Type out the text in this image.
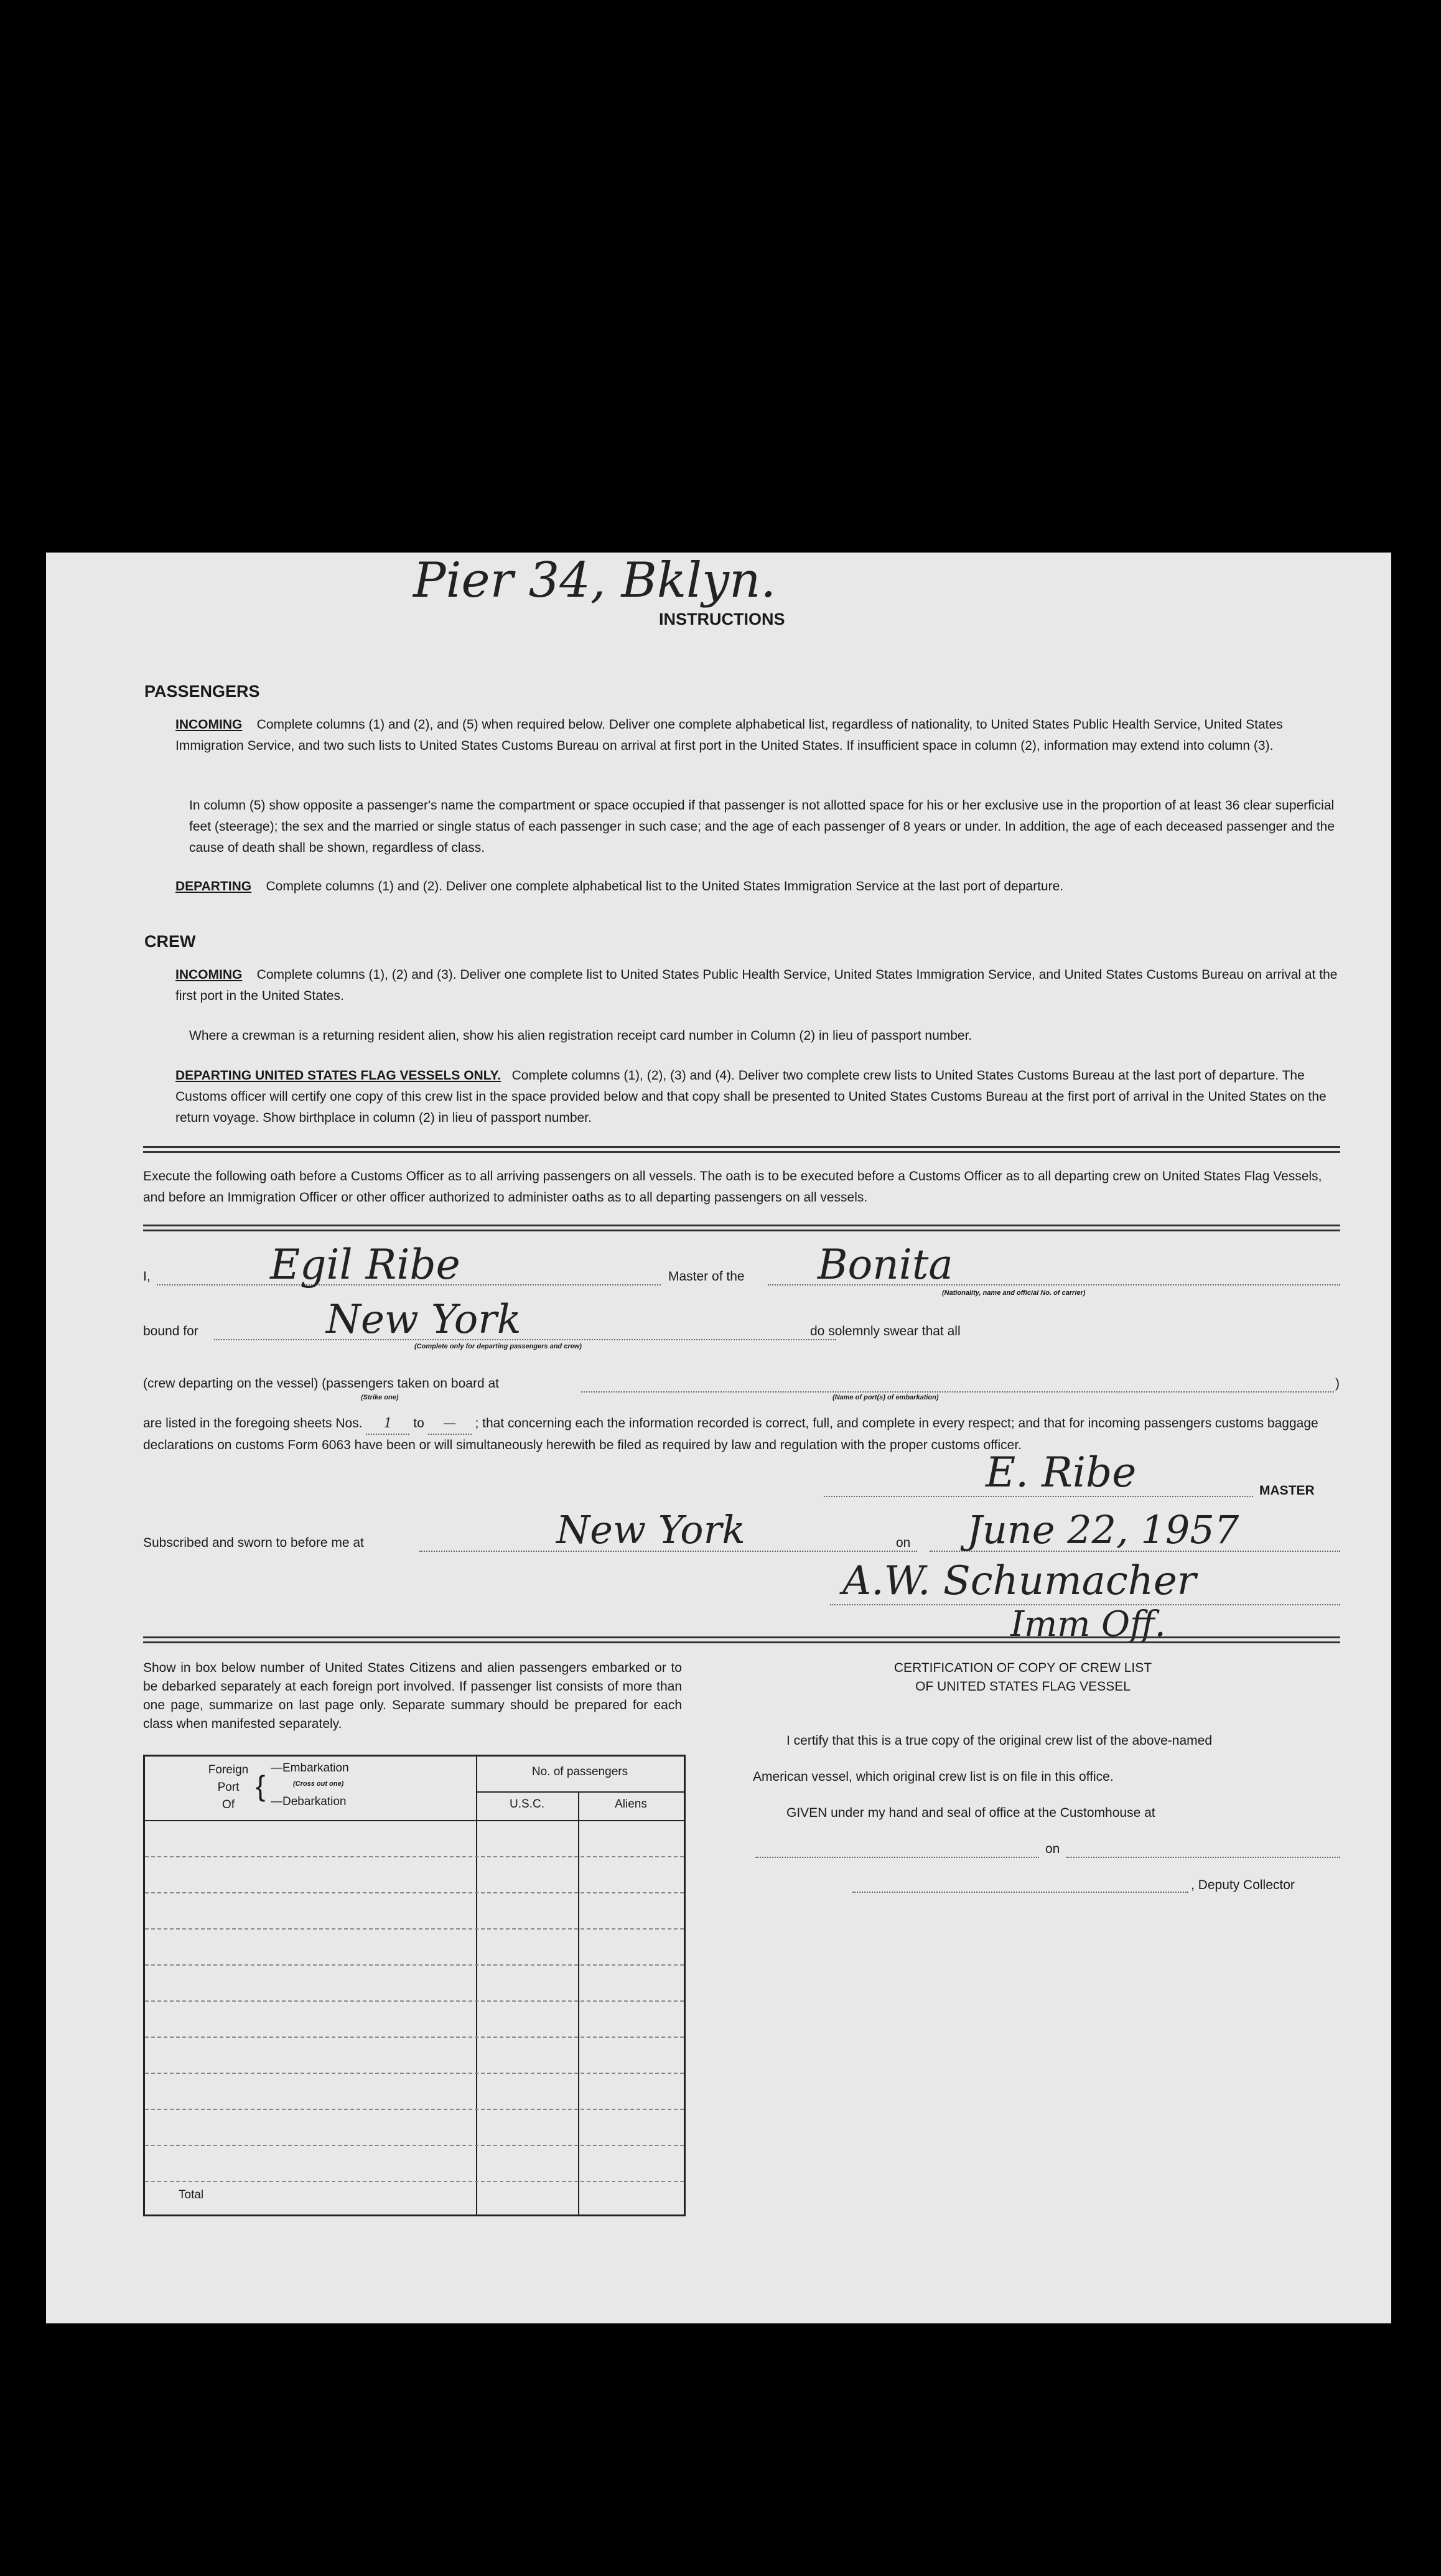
Pier 34, Bklyn.
INSTRUCTIONS
PASSENGERS
INCOMING Complete columns (1) and (2), and (5) when required below. Deliver one complete alphabetical list, regardless of nationality, to United States Public Health Service, United States Immigration Service, and two such lists to United States Customs Bureau on arrival at first port in the United States. If insufficient space in column (2), information may extend into column (3).
In column (5) show opposite a passenger's name the compartment or space occupied if that passenger is not allotted space for his or her exclusive use in the proportion of at least 36 clear superficial feet (steerage); the sex and the married or single status of each passenger in such case; and the age of each passenger of 8 years or under. In addition, the age of each deceased passenger and the cause of death shall be shown, regardless of class.
DEPARTING Complete columns (1) and (2). Deliver one complete alphabetical list to the United States Immigration Service at the last port of departure.
CREW
INCOMING Complete columns (1), (2) and (3). Deliver one complete list to United States Public Health Service, United States Immigration Service, and United States Customs Bureau on arrival at the first port in the United States.
Where a crewman is a returning resident alien, show his alien registration receipt card number in Column (2) in lieu of passport number.
DEPARTING UNITED STATES FLAG VESSELS ONLY. Complete columns (1), (2), (3) and (4). Deliver two complete crew lists to United States Customs Bureau at the last port of departure. The Customs officer will certify one copy of this crew list in the space provided below and that copy shall be presented to United States Customs Bureau at the first port of arrival in the United States on the return voyage. Show birthplace in column (2) in lieu of passport number.
Execute the following oath before a Customs Officer as to all arriving passengers on all vessels. The oath is to be executed before a Customs Officer as to all departing crew on United States Flag Vessels, and before an Immigration Officer or other officer authorized to administer oaths as to all departing passengers on all vessels.
I,	Egil Ribe	Master of the Bonita
(Nationality, name and official No. of carrier)
bound for	New York
(Complete only for departing passengers and crew)
do solemnly swear that all
(crew departing on the vessel) (passengers taken on board at	)
(Strike one)	(Name of port(s) of embarkation)
are listed in the foregoing sheets Nos. 1 to — ; that concerning each the information recorded is correct, full, and complete in every respect; and that for incoming passengers customs baggage declarations on customs Form 6063 have been or will simultaneously herewith be filed as required by law and regulation with the proper customs officer.
E. Ribe	MASTER
Subscribed and sworn to before me at	New York	on June 22, 1957
A.W. Schumacher
Imm Off.
Show in box below number of United States Citizens and alien passengers embarked or to be debarked separately at each foreign port involved. If passenger list consists of more than one page, summarize on last page only. Separate summary should be prepared for each class when manifested separately.
Foreign
Port
Of
{
—Embarkation
(Cross out one)
—Debarkation
No. of passengers
U.S.C.	Aliens
Total
CERTIFICATION OF COPY OF CREW LIST
OF UNITED STATES FLAG VESSEL
I certify that this is a true copy of the original crew list of the above-named
American vessel, which original crew list is on file in this office.
GIVEN under my hand and seal of office at the Customhouse at
on
, Deputy Collector
